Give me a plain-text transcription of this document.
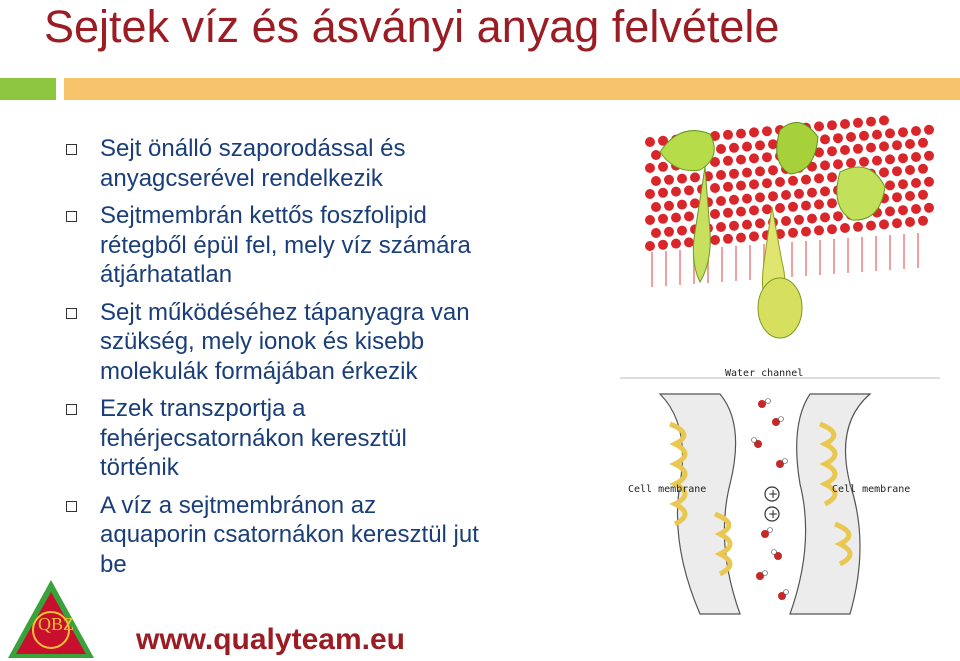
Sejtek víz és ásványi anyag felvétele
Sejt önálló szaporodással és
anyagcserével rendelkezik
Sejtmembrán kettős foszfolipid
rétegből épül fel, mely víz számára
átjárhatatlan
Sejt működéséhez tápanyagra van
szükség, mely ionok és kisebb
molekulák formájában érkezik
Ezek transzportja a
fehérjecsatornákon keresztül
történik
A víz a sejtmembránon az
aquaporin csatornákon keresztül jut
be
Water channel
Cell membrane	Cell membrane
+
+
QBZ www.qualyteam.eu
